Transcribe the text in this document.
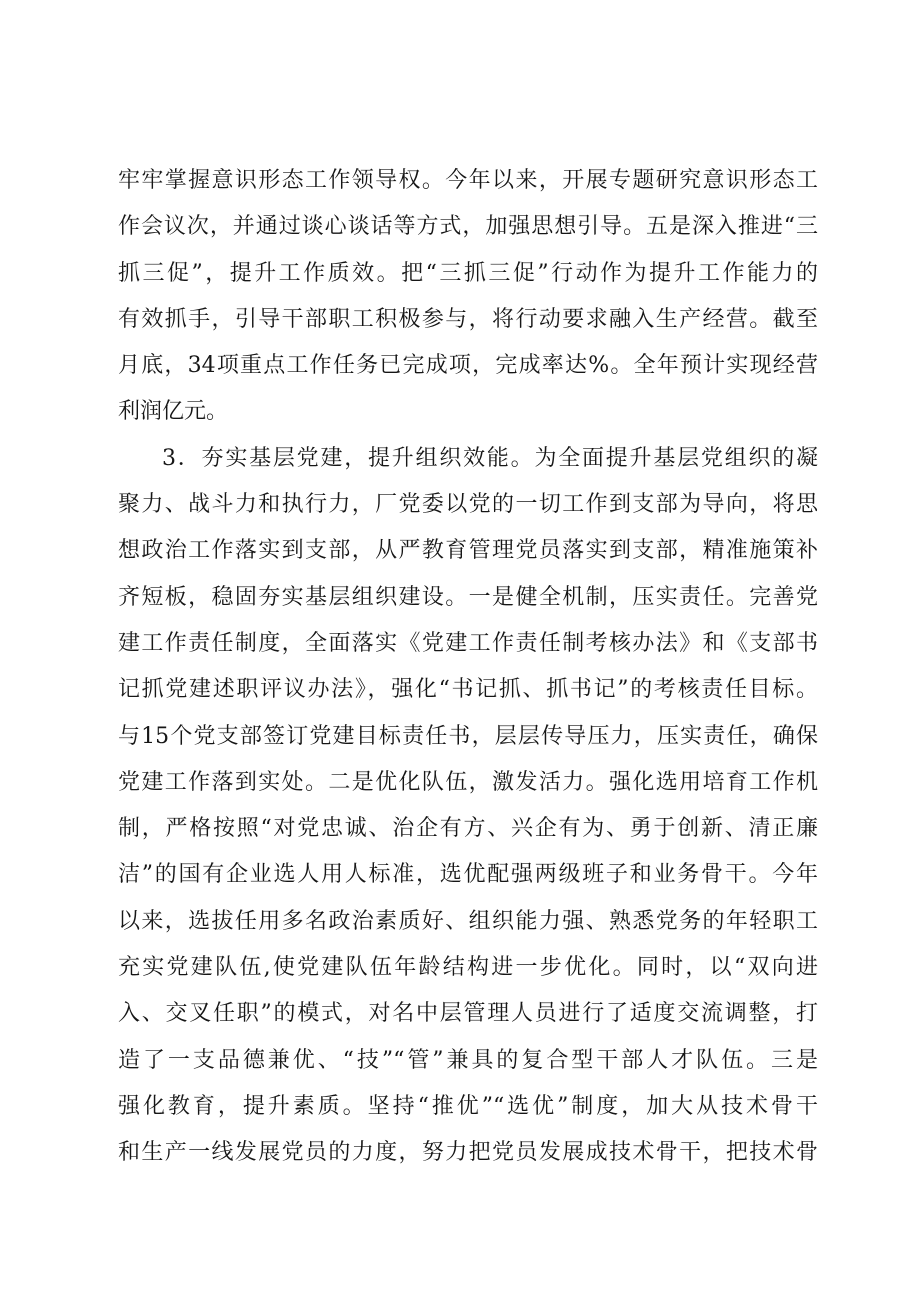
牢牢掌握意识形态工作领导权。今年以来，开展专题研究意识形态工
作会议次，并通过谈心谈话等方式，加强思想引导。五是深入推进“三
抓三促”，提升工作质效。把“三抓三促”行动作为提升工作能力的
有效抓手，引导干部职工积极参与，将行动要求融入生产经营。截至
月底，34项重点工作任务已完成项，完成率达%。全年预计实现经营
利润亿元。
3．夯实基层党建，提升组织效能。为全面提升基层党组织的凝
聚力、战斗力和执行力，厂党委以党的一切工作到支部为导向，将思
想政治工作落实到支部，从严教育管理党员落实到支部，精准施策补
齐短板，稳固夯实基层组织建设。一是健全机制，压实责任。完善党
建工作责任制度，全面落实《党建工作责任制考核办法》和《支部书
记抓党建述职评议办法》，强化“书记抓、抓书记”的考核责任目标。
与15个党支部签订党建目标责任书，层层传导压力，压实责任，确保
党建工作落到实处。二是优化队伍，激发活力。强化选用培育工作机
制，严格按照“对党忠诚、治企有方、兴企有为、勇于创新、清正廉
洁”的国有企业选人用人标准，选优配强两级班子和业务骨干。今年
以来，选拔任用多名政治素质好、组织能力强、熟悉党务的年轻职工
充实党建队伍,使党建队伍年龄结构进一步优化。同时，以“双向进
入、交叉任职”的模式，对名中层管理人员进行了适度交流调整，打
造了一支品德兼优、“技”“管”兼具的复合型干部人才队伍。三是
强化教育，提升素质。坚持“推优”“选优”制度，加大从技术骨干
和生产一线发展党员的力度，努力把党员发展成技术骨干，把技术骨
